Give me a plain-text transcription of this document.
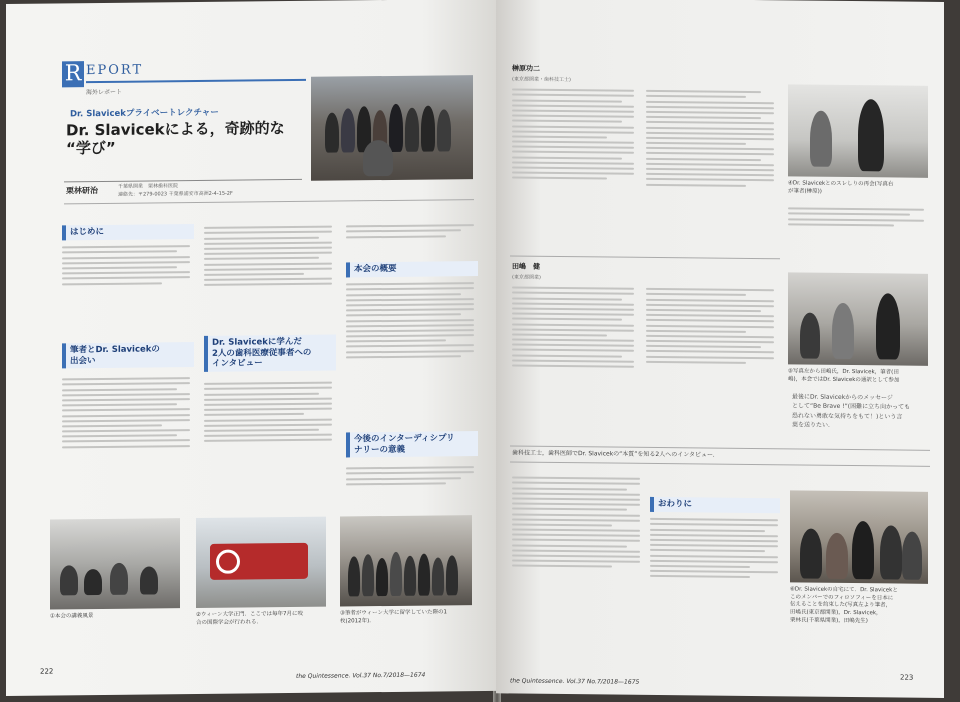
R EPORT
海外レポート
Dr. Slavicekプライベートレクチャー
Dr. Slavicekによる，奇跡的な
“学び”
栗林研治	千葉県開業　栗林歯科医院
連絡先：〒279-0023 千葉県浦安市高洲2-4-15-2F
はじめに
筆者とDr. Slavicekの
出会い
Dr. Slavicekに学んだ
2人の歯科医療従事者への
インタビュー
本会の概要
今後のインターディシプリ
ナリーの意義
①本会の講義風景	②ウィーン大学正門．ここでは毎年7月に咬
合の国際学会が行われる．
③筆者がウィーン大学に留学していた際の1
枚(2012年)．
222
the Quintessence. Vol.37 No.7/2018—1674
榊原功二
(東京都開業・歯科技工士)
田嶋　健
(東京都開業)
④Dr. Slavicekとのスレしりの再会(写真右
が筆者(榊原))
⑤写真左から田嶋氏，Dr. Slavicek，筆者(田
嶋)，本会ではDr. Slavicekの通訳として参加
最後にDr. Slavicekからのメッセージ
として“Be Brave !”(困難に立ち向かっても
恐れない勇敢な気持ちをもて！)という言
葉を送りたい．
歯科技工士，歯科医師でDr. Slavicekの“本質”を知る2人へのインタビュー．
おわりに
⑥Dr. Slavicekの自宅にて．Dr. Slavicekと
このメンバーでのフィロソフィーを日本に
伝えることを約束した(写真左より筆者，
田嶋氏(東京都開業)，Dr. Slavicek，
栗林氏(千葉県開業)，田嶋先生)
the Quintessence. Vol.37 No.7/2018—1675	223
